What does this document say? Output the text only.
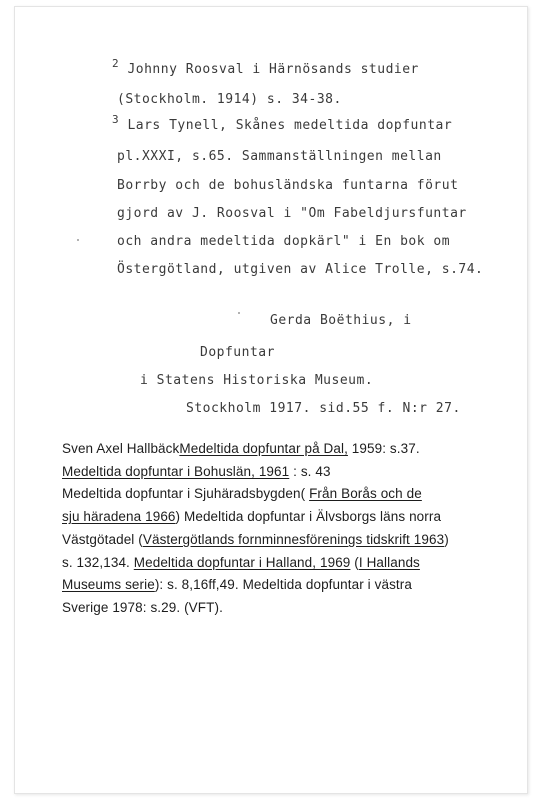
$^2$ Johnny Roosval i Härnösands studier
(Stockholm. 1914) s. 34-38.
$^3$ Lars Tynell, Skånes medeltida dopfuntar
pl.XXXI, s.65. Sammanställningen mellan
Borrby och de bohusländska funtarna förut
gjord av J. Roosval i "Om Fabeldjursfuntar
och andra medeltida dopkärl" i En bok om
Östergötland, utgiven av Alice Trolle, s.74.
Gerda Boëthius, i
Dopfuntar
i Statens Historiska Museum.
Stockholm 1917. sid.55 f. N:r 27.
Sven Axel HallbäckMedeltida dopfuntar på Dal, 1959: s.37.
Medeltida dopfuntar i Bohuslän, 1961 : s. 43
Medeltida dopfuntar i Sjuhäradsbygden( Från Borås och de
sju häradena 1966) Medeltida dopfuntar i Älvsborgs läns norra
Västgötadel (Västergötlands fornminnesförenings tidskrift 1963)
s. 132,134. Medeltida dopfuntar i Halland, 1969 (I Hallands
Museums serie): s. 8,16ff,49. Medeltida dopfuntar i västra
Sverige 1978: s.29. (VFT).
